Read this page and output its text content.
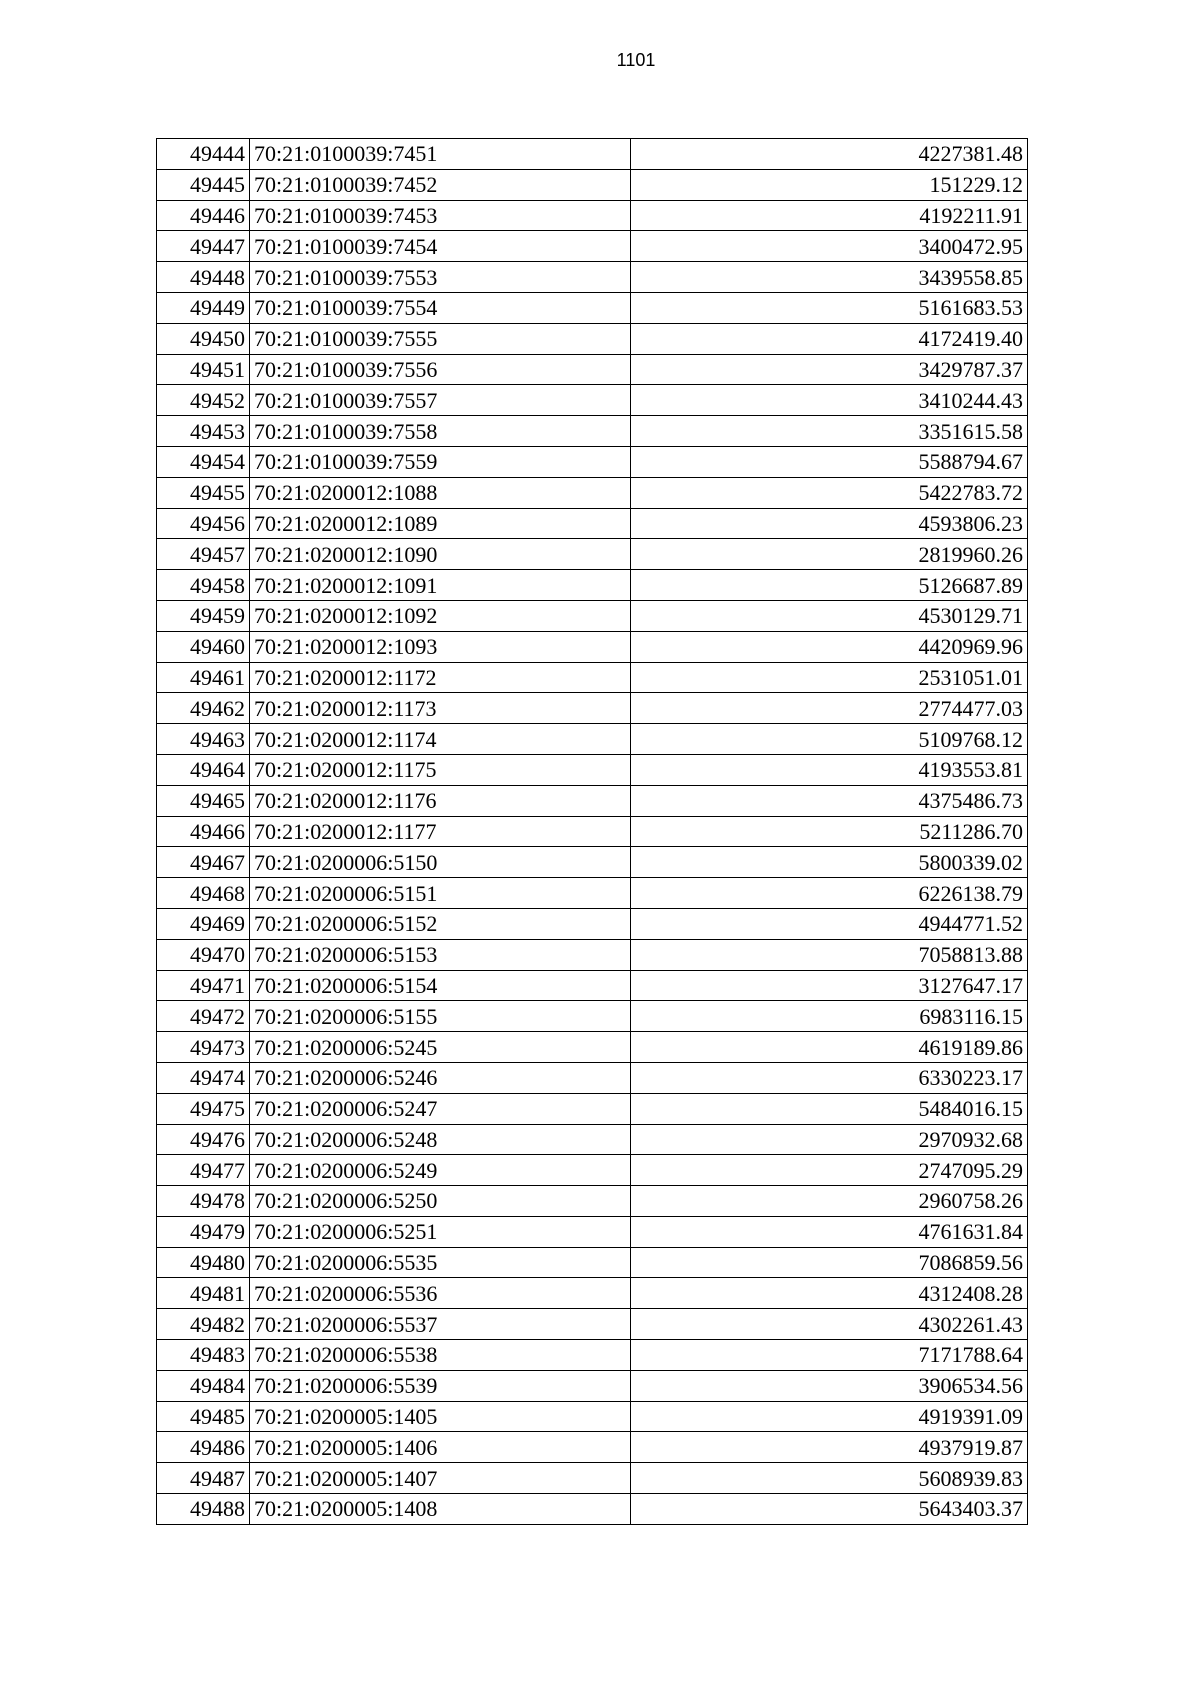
1101
49444	70:21:0100039:7451	4227381.48
49445	70:21:0100039:7452	151229.12
49446	70:21:0100039:7453	4192211.91
49447	70:21:0100039:7454	3400472.95
49448	70:21:0100039:7553	3439558.85
49449	70:21:0100039:7554	5161683.53
49450	70:21:0100039:7555	4172419.40
49451	70:21:0100039:7556	3429787.37
49452	70:21:0100039:7557	3410244.43
49453	70:21:0100039:7558	3351615.58
49454	70:21:0100039:7559	5588794.67
49455	70:21:0200012:1088	5422783.72
49456	70:21:0200012:1089	4593806.23
49457	70:21:0200012:1090	2819960.26
49458	70:21:0200012:1091	5126687.89
49459	70:21:0200012:1092	4530129.71
49460	70:21:0200012:1093	4420969.96
49461	70:21:0200012:1172	2531051.01
49462	70:21:0200012:1173	2774477.03
49463	70:21:0200012:1174	5109768.12
49464	70:21:0200012:1175	4193553.81
49465	70:21:0200012:1176	4375486.73
49466	70:21:0200012:1177	5211286.70
49467	70:21:0200006:5150	5800339.02
49468	70:21:0200006:5151	6226138.79
49469	70:21:0200006:5152	4944771.52
49470	70:21:0200006:5153	7058813.88
49471	70:21:0200006:5154	3127647.17
49472	70:21:0200006:5155	6983116.15
49473	70:21:0200006:5245	4619189.86
49474	70:21:0200006:5246	6330223.17
49475	70:21:0200006:5247	5484016.15
49476	70:21:0200006:5248	2970932.68
49477	70:21:0200006:5249	2747095.29
49478	70:21:0200006:5250	2960758.26
49479	70:21:0200006:5251	4761631.84
49480	70:21:0200006:5535	7086859.56
49481	70:21:0200006:5536	4312408.28
49482	70:21:0200006:5537	4302261.43
49483	70:21:0200006:5538	7171788.64
49484	70:21:0200006:5539	3906534.56
49485	70:21:0200005:1405	4919391.09
49486	70:21:0200005:1406	4937919.87
49487	70:21:0200005:1407	5608939.83
49488	70:21:0200005:1408	5643403.37
